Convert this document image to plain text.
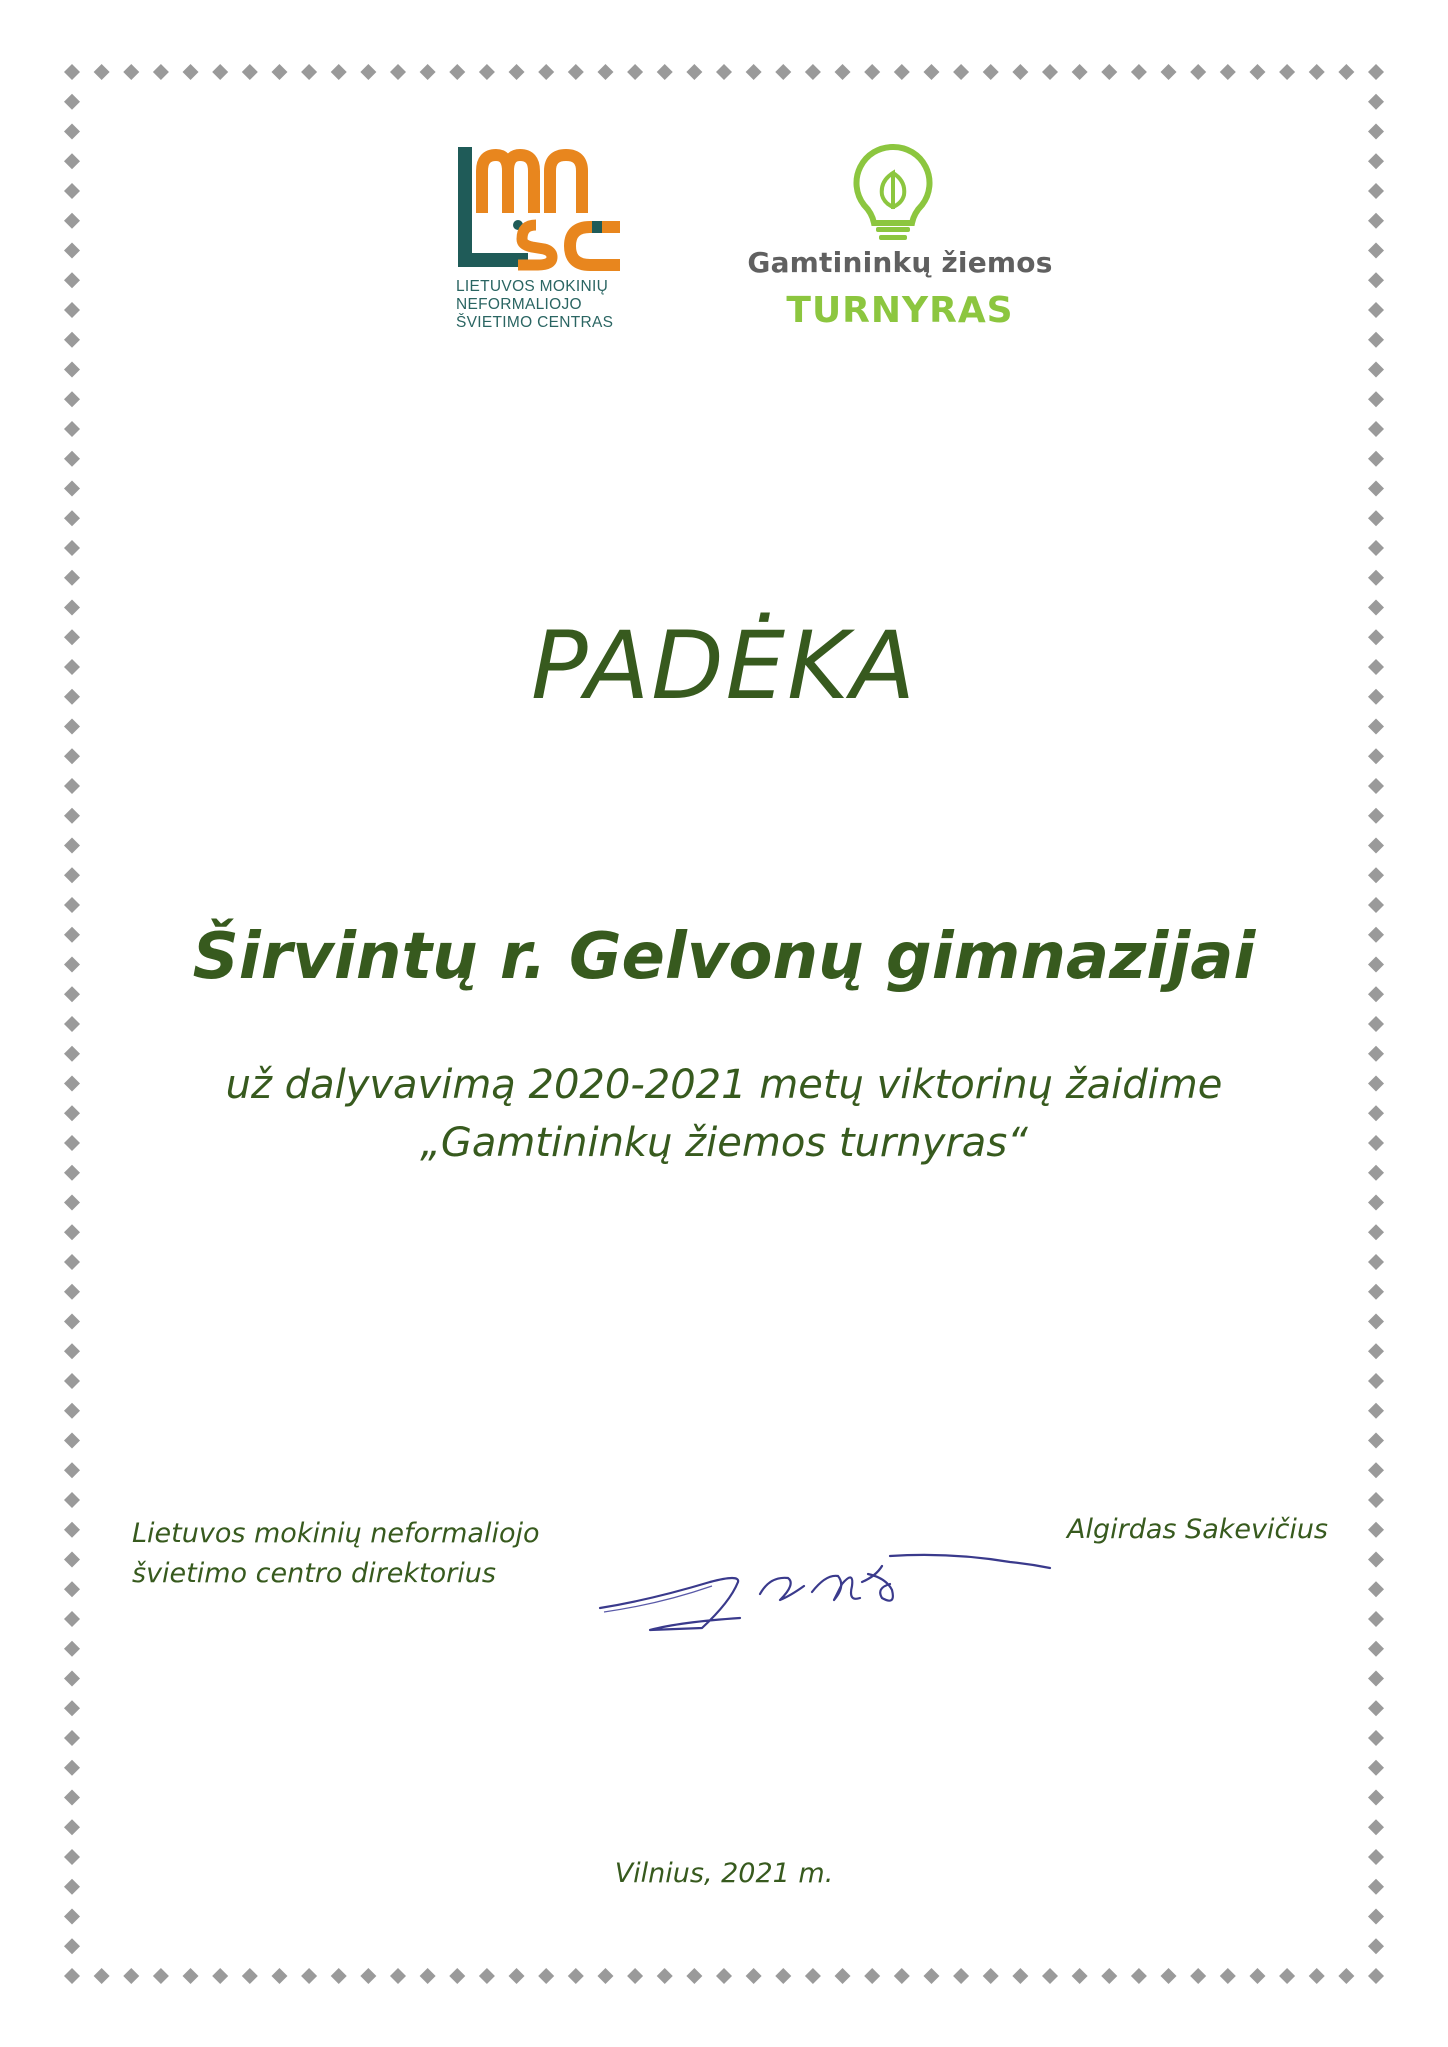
LIETUVOS MOKINIŲ
NEFORMALIOJO
ŠVIETIMO CENTRAS
Gamtininkų žiemos
TURNYRAS
PADĖKA
Širvintų r. Gelvonų gimnazijai
už dalyvavimą 2020-2021 metų viktorinų žaidime
„Gamtininkų žiemos turnyras“
Lietuvos mokinių neformaliojo
švietimo centro direktorius
Algirdas Sakevičius
Vilnius, 2021 m.
